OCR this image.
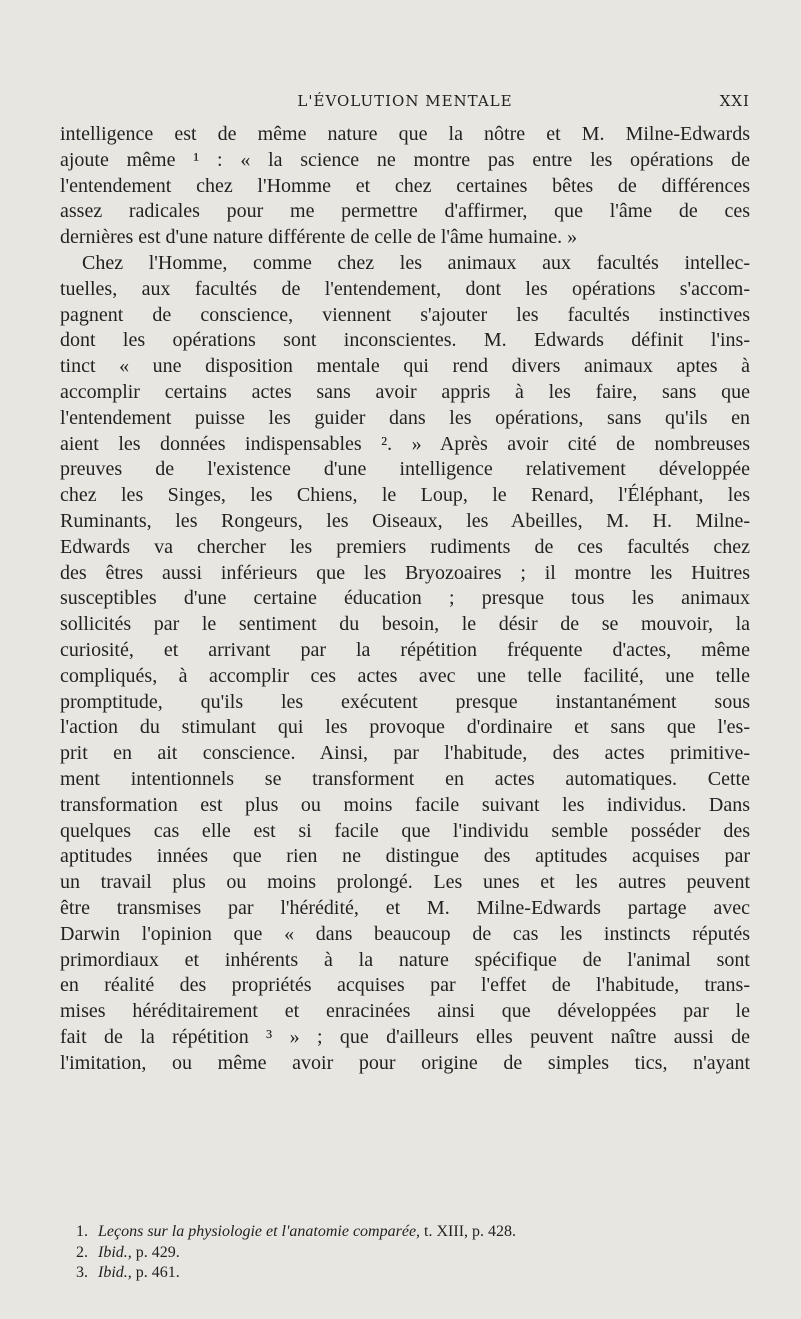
L'ÉVOLUTION MENTALE	XXI
intelligence est de même nature que la nôtre et M. Milne-Edwards
ajoute même ¹ : « la science ne montre pas entre les opérations de
l'entendement chez l'Homme et chez certaines bêtes de différences
assez radicales pour me permettre d'affirmer, que l'âme de ces
dernières est d'une nature différente de celle de l'âme humaine. »
Chez l'Homme, comme chez les animaux aux facultés intellec-
tuelles, aux facultés de l'entendement, dont les opérations s'accom-
pagnent de conscience, viennent s'ajouter les facultés instinctives
dont les opérations sont inconscientes. M. Edwards définit l'ins-
tinct « une disposition mentale qui rend divers animaux aptes à
accomplir certains actes sans avoir appris à les faire, sans que
l'entendement puisse les guider dans les opérations, sans qu'ils en
aient les données indispensables ². » Après avoir cité de nombreuses
preuves de l'existence d'une intelligence relativement développée
chez les Singes, les Chiens, le Loup, le Renard, l'Éléphant, les
Ruminants, les Rongeurs, les Oiseaux, les Abeilles, M. H. Milne-
Edwards va chercher les premiers rudiments de ces facultés chez
des êtres aussi inférieurs que les Bryozoaires ; il montre les Huitres
susceptibles d'une certaine éducation ; presque tous les animaux
sollicités par le sentiment du besoin, le désir de se mouvoir, la
curiosité, et arrivant par la répétition fréquente d'actes, même
compliqués, à accomplir ces actes avec une telle facilité, une telle
promptitude, qu'ils les exécutent presque instantanément sous
l'action du stimulant qui les provoque d'ordinaire et sans que l'es-
prit en ait conscience. Ainsi, par l'habitude, des actes primitive-
ment intentionnels se transforment en actes automatiques. Cette
transformation est plus ou moins facile suivant les individus. Dans
quelques cas elle est si facile que l'individu semble posséder des
aptitudes innées que rien ne distingue des aptitudes acquises par
un travail plus ou moins prolongé. Les unes et les autres peuvent
être transmises par l'hérédité, et M. Milne-Edwards partage avec
Darwin l'opinion que « dans beaucoup de cas les instincts réputés
primordiaux et inhérents à la nature spécifique de l'animal sont
en réalité des propriétés acquises par l'effet de l'habitude, trans-
mises héréditairement et enracinées ainsi que développées par le
fait de la répétition ³ » ; que d'ailleurs elles peuvent naître aussi de
l'imitation, ou même avoir pour origine de simples tics, n'ayant
1. Leçons sur la physiologie et l'anatomie comparée, t. XIII, p. 428.
2. Ibid., p. 429.
3. Ibid., p. 461.
